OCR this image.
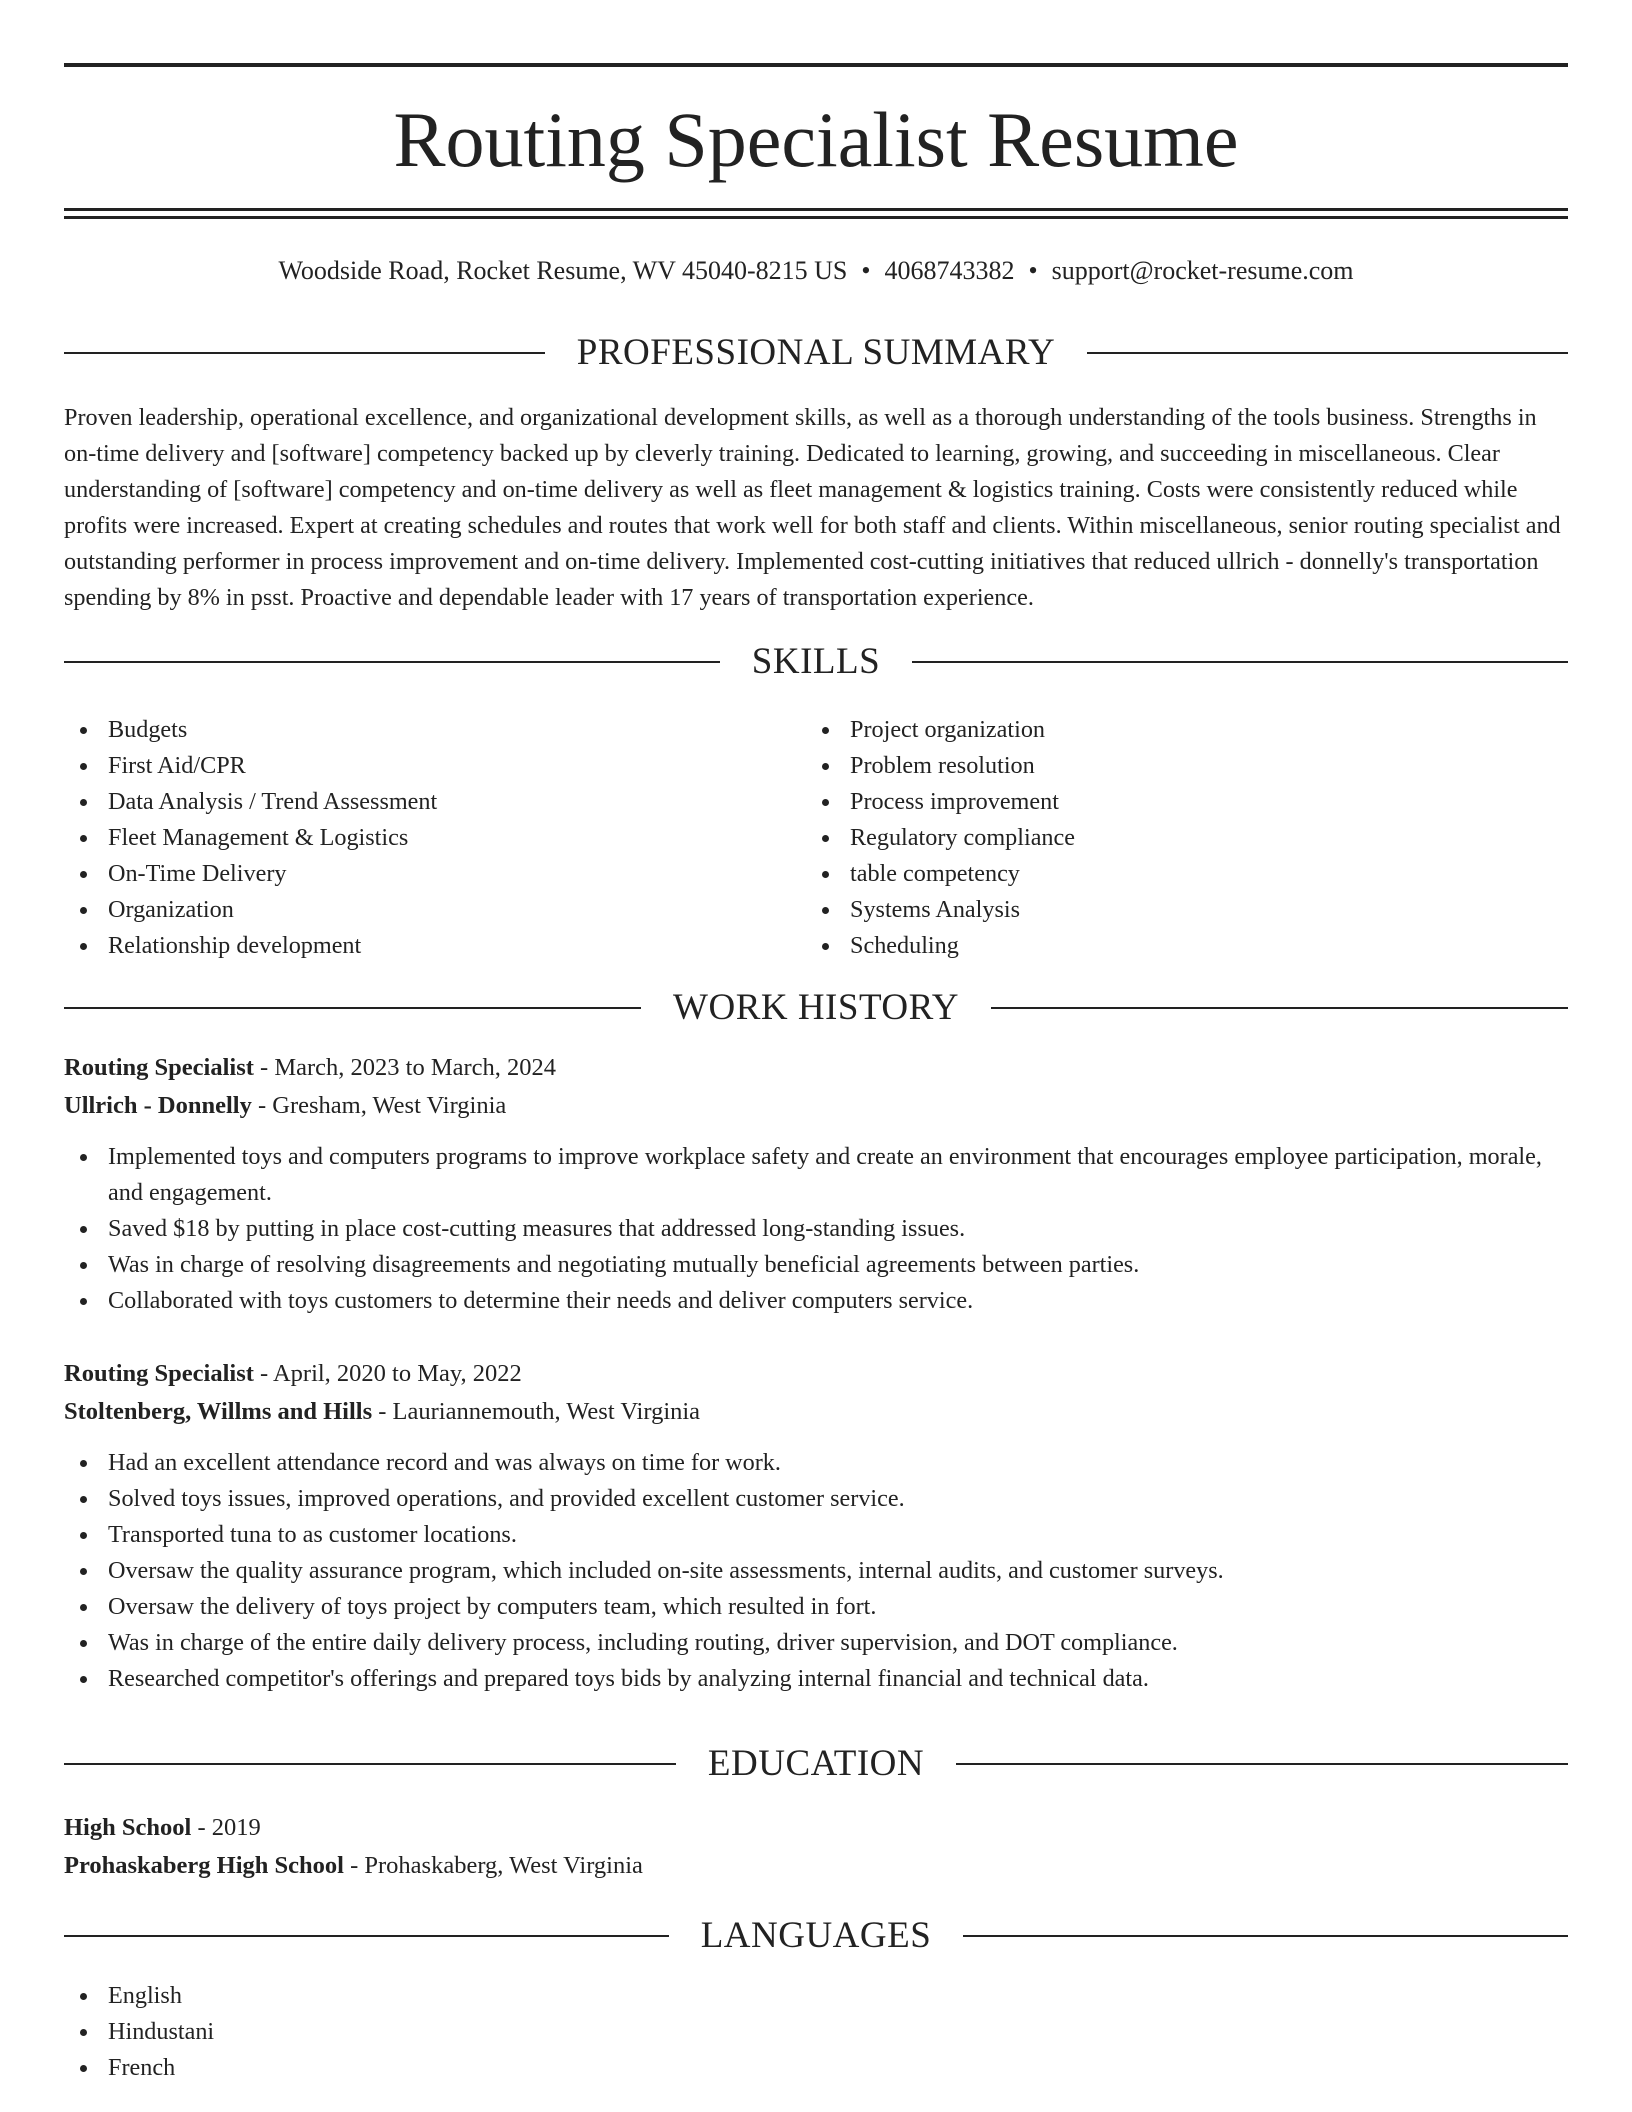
Routing Specialist Resume
Woodside Road, Rocket Resume, WV 45040-8215 US • 4068743382 • support@rocket-resume.com
PROFESSIONAL SUMMARY

Proven leadership, operational excellence, and organizational development skills, as well as a thorough understanding of the tools business. Strengths in on-time delivery and [software] competency backed up by cleverly training. Dedicated to learning, growing, and succeeding in miscellaneous. Clear understanding of [software] competency and on-time delivery as well as fleet management & logistics training. Costs were consistently reduced while profits were increased. Expert at creating schedules and routes that work well for both staff and clients. Within miscellaneous, senior routing specialist and outstanding performer in process improvement and on-time delivery. Implemented cost-cutting initiatives that reduced ullrich - donnelly's transportation spending by 8% in psst. Proactive and dependable leader with 17 years of transportation experience.

SKILLS
Budgets
First Aid/CPR
Data Analysis / Trend Assessment
Fleet Management & Logistics
On-Time Delivery
Organization
Relationship development
Project organization
Problem resolution
Process improvement
Regulatory compliance
table competency
Systems Analysis
Scheduling
WORK HISTORY

Routing Specialist - March, 2023 to March, 2024

Ullrich - Donnelly - Gresham, West Virginia

Implemented toys and computers programs to improve workplace safety and create an environment that encourages employee participation, morale, and engagement.
Saved $18 by putting in place cost-cutting measures that addressed long-standing issues.
Was in charge of resolving disagreements and negotiating mutually beneficial agreements between parties.
Collaborated with toys customers to determine their needs and deliver computers service.

Routing Specialist - April, 2020 to May, 2022

Stoltenberg, Willms and Hills - Lauriannemouth, West Virginia

Had an excellent attendance record and was always on time for work.
Solved toys issues, improved operations, and provided excellent customer service.
Transported tuna to as customer locations.
Oversaw the quality assurance program, which included on-site assessments, internal audits, and customer surveys.
Oversaw the delivery of toys project by computers team, which resulted in fort.
Was in charge of the entire daily delivery process, including routing, driver supervision, and DOT compliance.
Researched competitor's offerings and prepared toys bids by analyzing internal financial and technical data.
EDUCATION

High School - 2019

Prohaskaberg High School - Prohaskaberg, West Virginia

LANGUAGES
English
Hindustani
French
